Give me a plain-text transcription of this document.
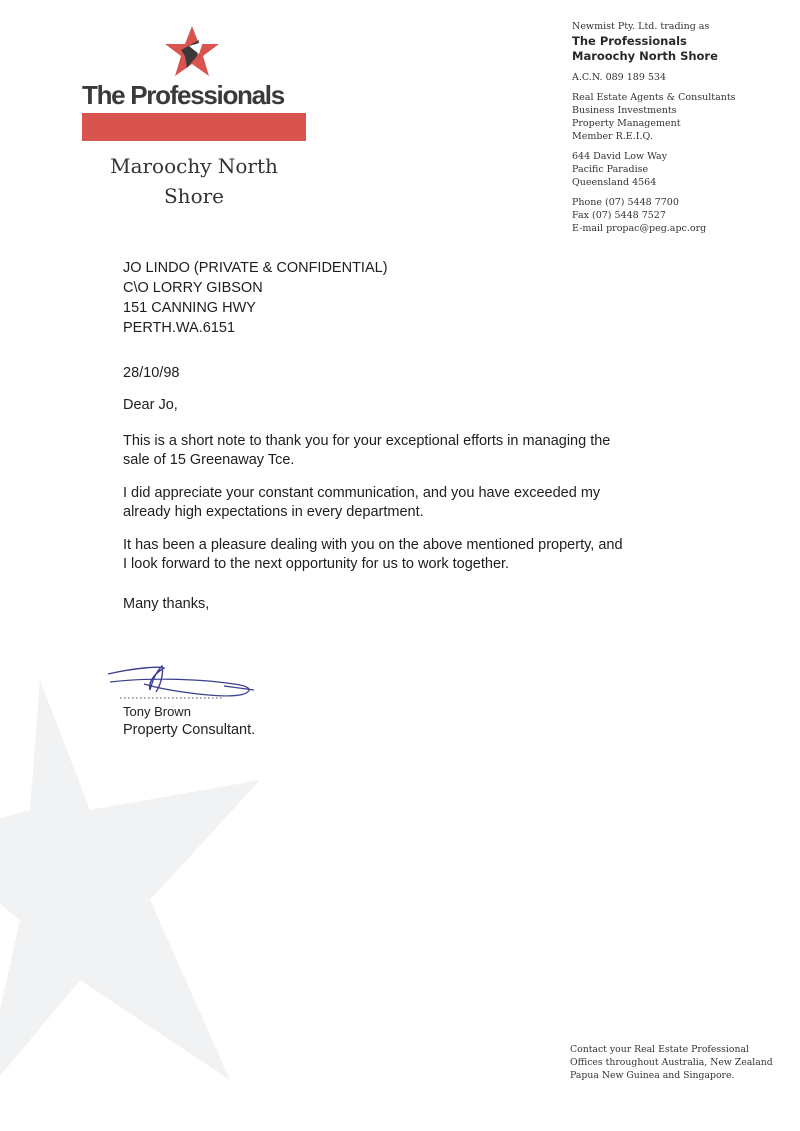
The Professionals
Maroochy North Shore
Newmist Pty. Ltd. trading as
The Professionals
Maroochy North Shore
A.C.N. 089 189 534
Real Estate Agents & Consultants
Business Investments
Property Management
Member R.E.I.Q.
644 David Low Way
Pacific Paradise
Queensland 4564
Phone (07) 5448 7700
Fax (07) 5448 7527
E-mail propac@peg.apc.org
JO LINDO (PRIVATE & CONFIDENTIAL)
C\O LORRY GIBSON
151 CANNING HWY
PERTH.WA.6151
28/10/98
Dear Jo,

This is a short note to thank you for your exceptional efforts in managing the
sale of 15 Greenaway Tce.

I did appreciate your constant communication, and you have exceeded my
already high expectations in every department.

It has been a pleasure dealing with you on the above mentioned property, and
I look forward to the next opportunity for us to work together.

Many thanks,
Tony Brown
Property Consultant.
Contact your Real Estate Professional
Offices throughout Australia, New Zealand
Papua New Guinea and Singapore.
